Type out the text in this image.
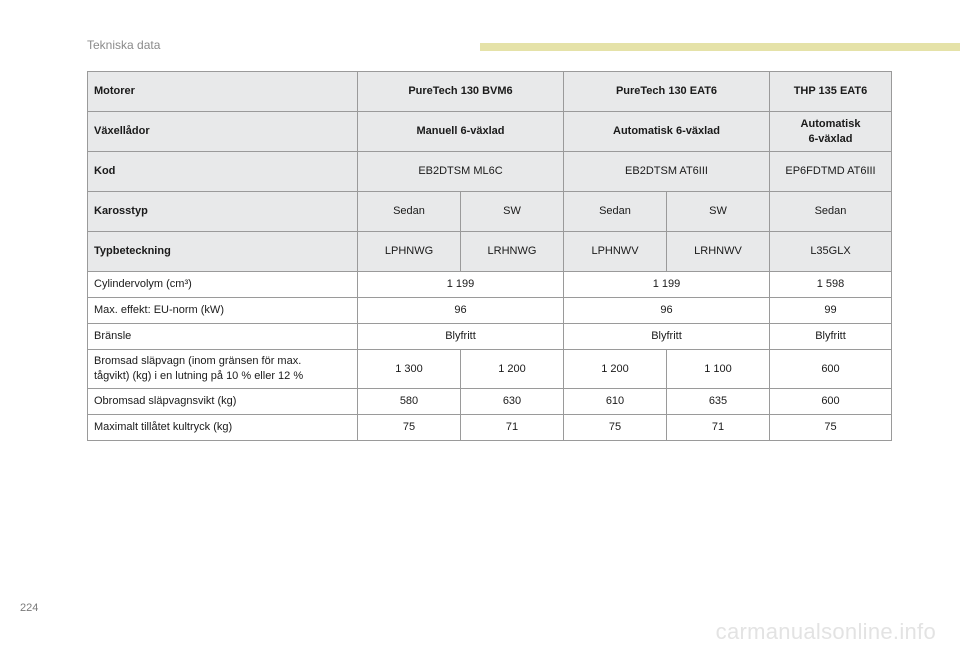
Tekniska data
Motorer	PureTech 130 BVM6		PureTech 130 EAT6		THP 135 EAT6
Växellådor	Manuell 6-växlad		Automatisk 6-växlad		Automatisk
6-växlad
Kod	EB2DTSM ML6C		EB2DTSM AT6III		EP6FDTMD AT6III
Karosstyp	Sedan	SW	Sedan	SW	Sedan
Typbeteckning	LPHNWG	LRHNWG	LPHNWV	LRHNWV	L35GLX
Cylindervolym (cm³)	1 199		1 199		1 598
Max. effekt: EU-norm (kW)	96		96		99
Bränsle	Blyfritt		Blyfritt		Blyfritt
Bromsad släpvagn (inom gränsen för max.
tågvikt) (kg) i en lutning på 10 % eller 12 %	1 300	1 200	1 200	1 100	600
Obromsad släpvagnsvikt (kg)	580	630	610	635	600
Maximalt tillåtet kultryck (kg)	75	71	75	71	75
224
carmanualsonline.info
